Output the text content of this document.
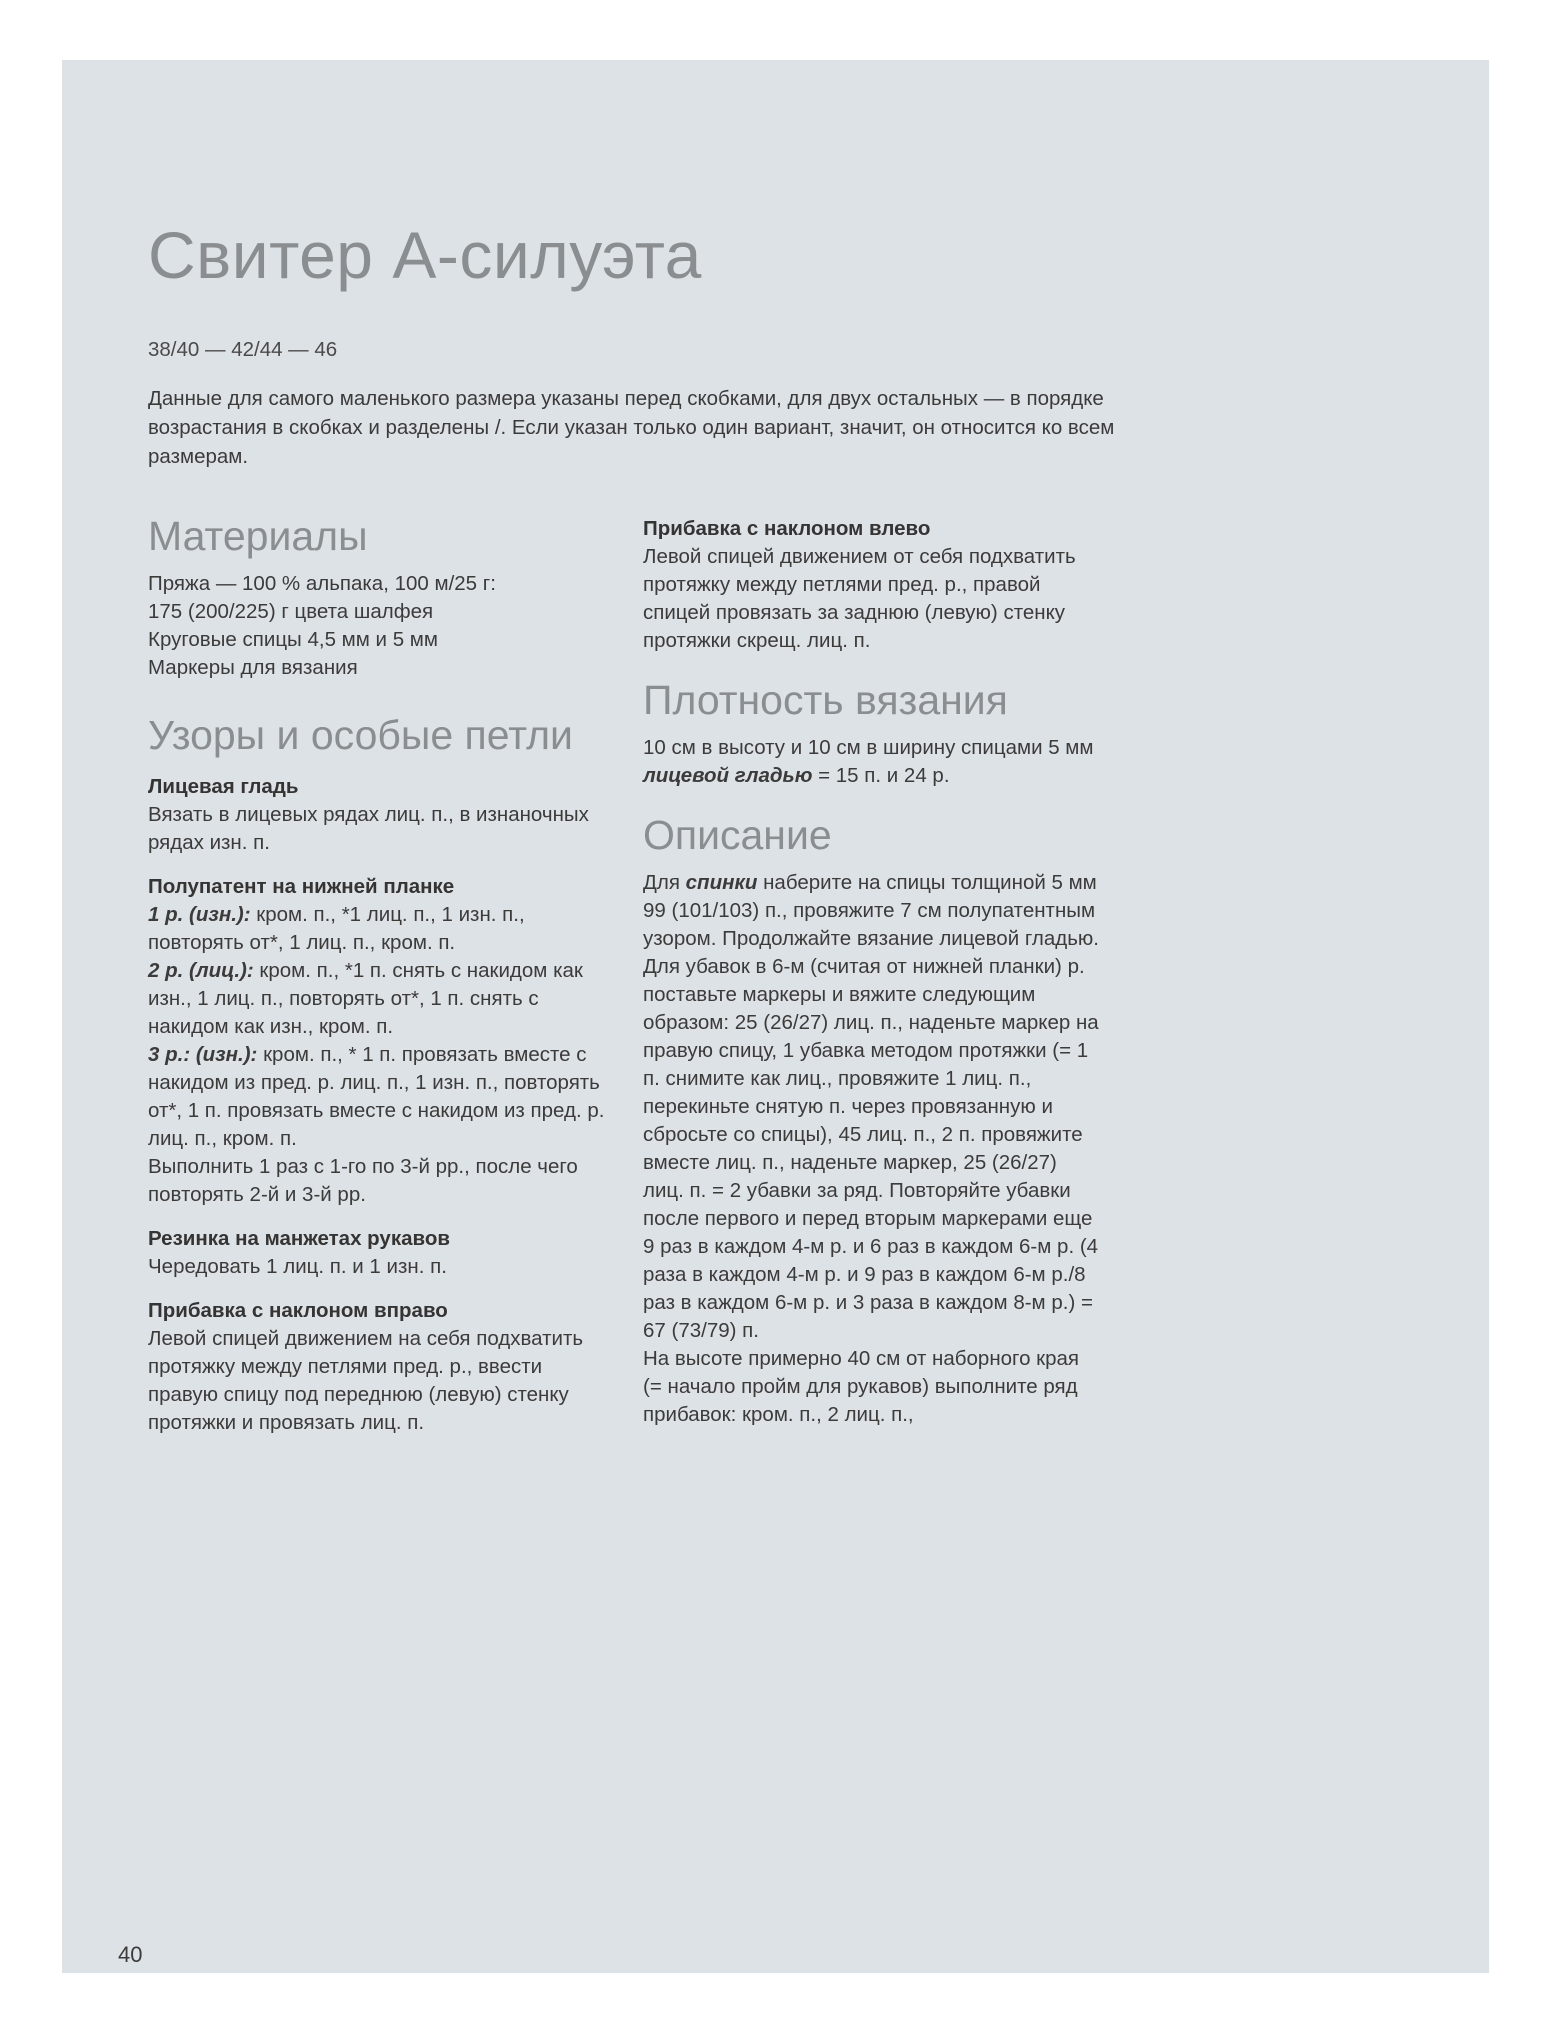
Свитер А-силуэта
38/40 — 42/44 — 46

Данные для самого маленького размера указаны перед скобками, для двух остальных — в порядке возрастания в скобках и разделены /. Если указан только один вариант, значит, он относится ко всем размерам.

Материалы
Пряжа — 100 % альпака, 100 м/25 г:
175 (200/225) г цвета шалфея
Круговые спицы 4,5 мм и 5 мм
Маркеры для вязания
Узоры и особые петли
Лицевая гладь

Вязать в лицевых рядах лиц. п., в изнаночных рядах изн. п.

Полупатент на нижней планке

1 р. (изн.): кром. п., *1 лиц. п., 1 изн. п., повторять от*, 1 лиц. п., кром. п.

2 р. (лиц.): кром. п., *1 п. снять с накидом как изн., 1 лиц. п., повторять от*, 1 п. снять с накидом как изн., кром. п.

3 р.: (изн.): кром. п., * 1 п. провязать вместе с накидом из пред. р. лиц. п., 1 изн. п., повторять от*, 1 п. провязать вместе с накидом из пред. р. лиц. п., кром. п.

Выполнить 1 раз с 1-го по 3-й рр., после чего повторять 2-й и 3-й рр.

Резинка на манжетах рукавов

Чередовать 1 лиц. п. и 1 изн. п.

Прибавка с наклоном вправо

Левой спицей движением на себя подхватить протяжку между петлями пред. р., ввести правую спицу под переднюю (левую) стенку протяжки и провязать лиц. п.

Прибавка с наклоном влево

Левой спицей движением от себя подхватить протяжку между петлями пред. р., правой спицей провязать за заднюю (левую) стенку протяжки скрещ. лиц. п.

Плотность вязания

10 см в высоту и 10 см в ширину спицами 5 мм лицевой гладью = 15 п. и 24 р.

Описание

Для спинки наберите на спицы толщиной 5 мм 99 (101/103) п., провяжите 7 см полупатентным узором. Продолжайте вязание лицевой гладью.

Для убавок в 6-м (считая от нижней планки) р. поставьте маркеры и вяжите следующим образом: 25 (26/27) лиц. п., наденьте маркер на правую спицу, 1 убавка методом протяжки (= 1 п. снимите как лиц., провяжите 1 лиц. п., перекиньте снятую п. через провязанную и сбросьте со спицы), 45 лиц. п., 2 п. провяжите вместе лиц. п., наденьте маркер, 25 (26/27) лиц. п. = 2 убавки за ряд. Повторяйте убавки после первого и перед вторым маркерами еще 9 раз в каждом 4-м р. и 6 раз в каждом 6-м р. (4 раза в каждом 4-м р. и 9 раз в каждом 6-м р./8 раз в каждом 6-м р. и 3 раза в каждом 8-м р.) = 67 (73/79) п.

На высоте примерно 40 см от наборного края (= начало пройм для рукавов) выполните ряд прибавок: кром. п., 2 лиц. п.,

40
